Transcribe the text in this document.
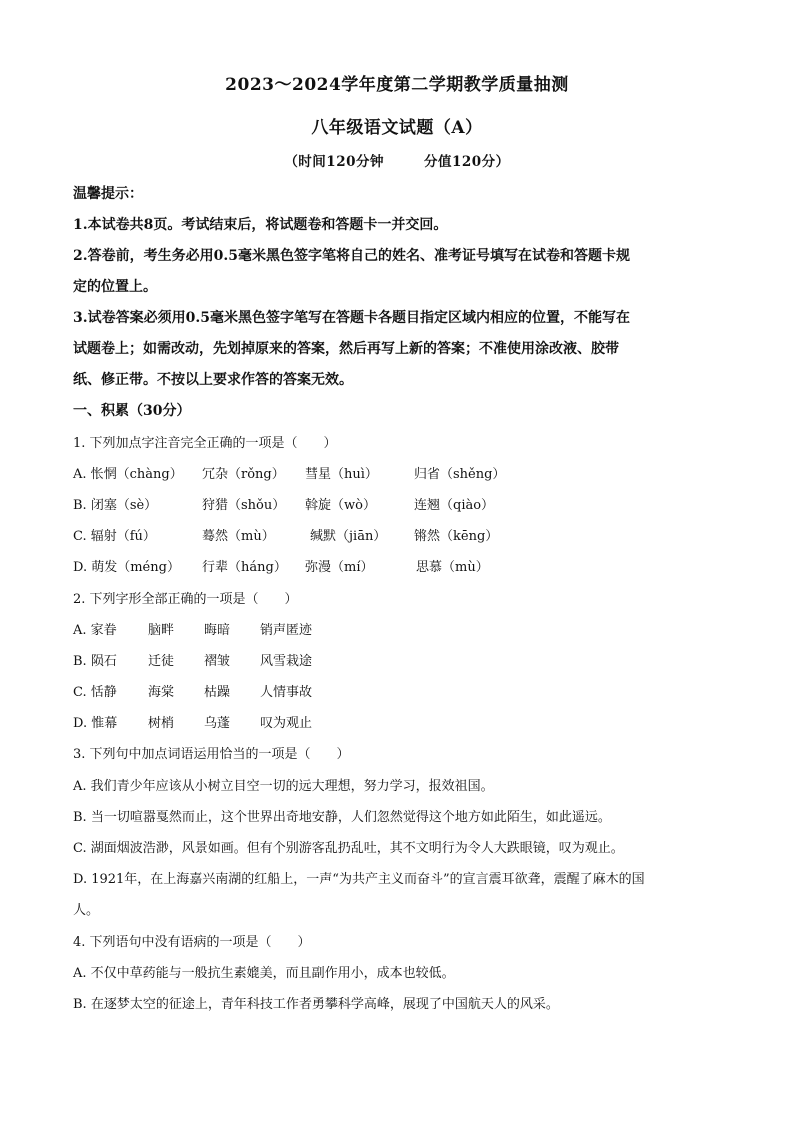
2023～2024学年度第二学期教学质量抽测
八年级语文试题（A）
（时间120分钟	分值120分）
温馨提示：
1.本试卷共8页。考试结束后，将试题卷和答题卡一并交回。
2.答卷前，考生务必用0.5毫米黑色签字笔将自己的姓名、准考证号填写在试卷和答题卡规
定的位置上。
3.试卷答案必须用0.5毫米黑色签字笔写在答题卡各题目指定区域内相应的位置，不能写在
试题卷上；如需改动，先划掉原来的答案，然后再写上新的答案；不准使用涂改液、胶带
纸、修正带。不按以上要求作答的答案无效。
一、积累（30分）
1. 下列加点字注音完全正确的一项是（　　）
A. 怅惘（chàng） 冗杂（rǒng） 彗星（huì）	归省（shěng）
B. 闭塞（sè）	狩猎（shǒu） 斡旋（wò）	连翘（qiào）
C. 辐射（fú）	蓦然（mù）	缄默（jiān） 锵然（kēng）
D. 萌发（méng） 行辈（háng） 弥漫（mí）	思慕（mù）
2. 下列字形全部正确的一项是（　　）
A. 家眷 脑畔 晦暗 销声匿迹
B. 陨石 迁徒 褶皱 风雪栽途
C. 恬静 海棠 枯躁 人情事故
D. 惟幕 树梢 乌蓬 叹为观止
3. 下列句中加点词语运用恰当的一项是（　　）
A. 我们青少年应该从小树立目空一切的远大理想，努力学习，报效祖国。
B. 当一切喧嚣戛然而止，这个世界出奇地安静，人们忽然觉得这个地方如此陌生，如此遥远。
C. 湖面烟波浩渺，风景如画。但有个别游客乱扔乱吐，其不文明行为令人大跌眼镜，叹为观止。
D. 1921年，在上海嘉兴南湖的红船上，一声“为共产主义而奋斗”的宣言震耳欲聋，震醒了麻木的国
人。
4. 下列语句中没有语病的一项是（　　）
A. 不仅中草药能与一般抗生素媲美，而且副作用小，成本也较低。
B. 在逐梦太空的征途上，青年科技工作者勇攀科学高峰，展现了中国航天人的风采。
